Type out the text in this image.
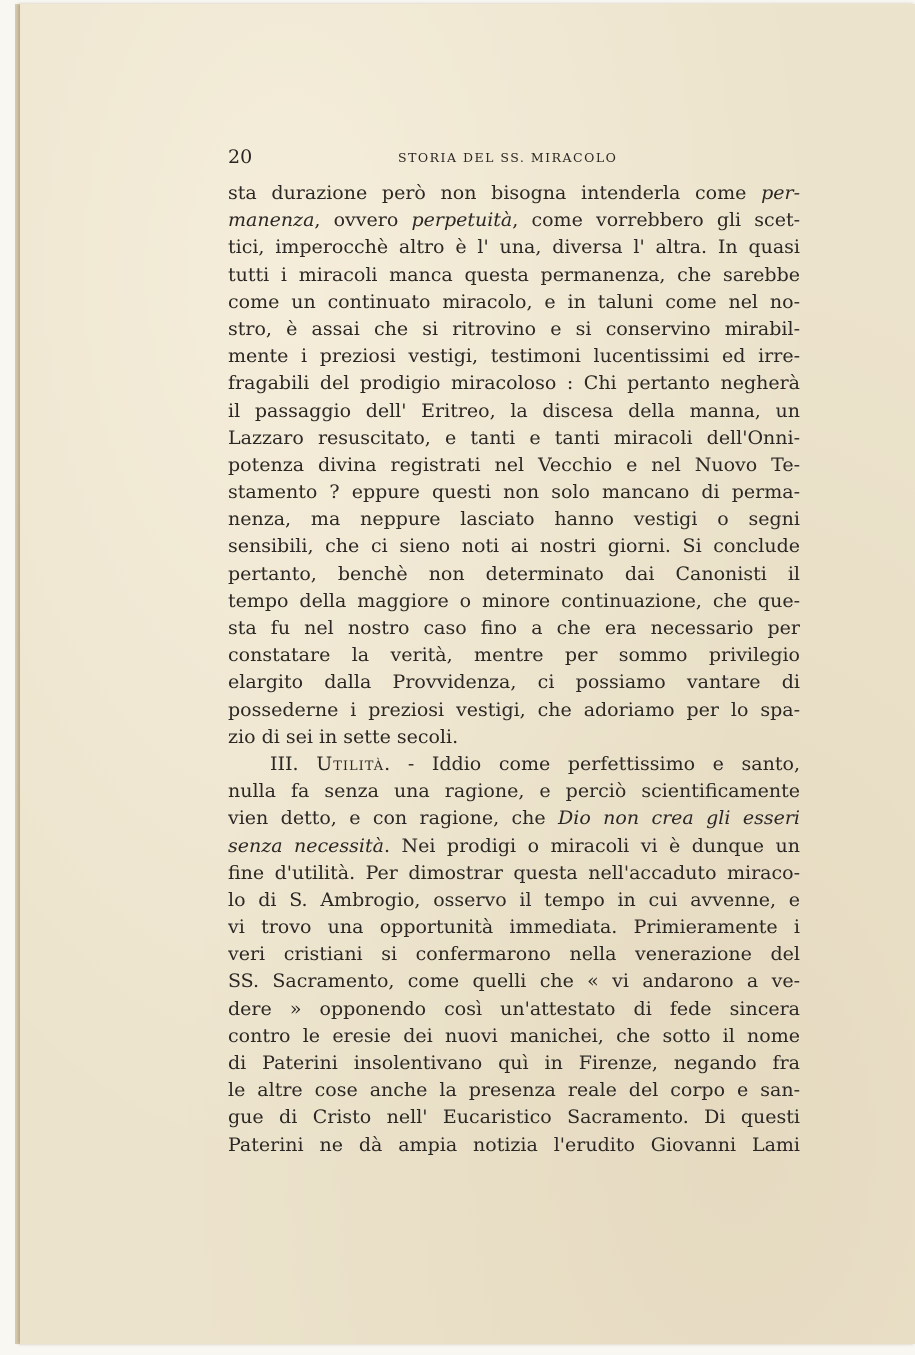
20	STORIA DEL SS. MIRACOLO
sta durazione però non bisogna intenderla come per-
manenza, ovvero perpetuità, come vorrebbero gli scet-
tici, imperocchè altro è l' una, diversa l' altra. In quasi
tutti i miracoli manca questa permanenza, che sarebbe
come un continuato miracolo, e in taluni come nel no-
stro, è assai che si ritrovino e si conservino mirabil-
mente i preziosi vestigi, testimoni lucentissimi ed irre-
fragabili del prodigio miracoloso : Chi pertanto negherà
il passaggio dell' Eritreo, la discesa della manna, un
Lazzaro resuscitato, e tanti e tanti miracoli dell'Onni-
potenza divina registrati nel Vecchio e nel Nuovo Te-
stamento ? eppure questi non solo mancano di perma-
nenza, ma neppure lasciato hanno vestigi o segni
sensibili, che ci sieno noti ai nostri giorni. Si conclude
pertanto, benchè non determinato dai Canonisti il
tempo della maggiore o minore continuazione, che que-
sta fu nel nostro caso fino a che era necessario per
constatare la verità, mentre per sommo privilegio
elargito dalla Provvidenza, ci possiamo vantare di
possederne i preziosi vestigi, che adoriamo per lo spa-
zio di sei in sette secoli.
III. Utilità. - Iddio come perfettissimo e santo,
nulla fa senza una ragione, e perciò scientificamente
vien detto, e con ragione, che Dio non crea gli esseri
senza necessità. Nei prodigi o miracoli vi è dunque un
fine d'utilità. Per dimostrar questa nell'accaduto miraco-
lo di S. Ambrogio, osservo il tempo in cui avvenne, e
vi trovo una opportunità immediata. Primieramente i
veri cristiani si confermarono nella venerazione del
SS. Sacramento, come quelli che « vi andarono a ve-
dere » opponendo così un'attestato di fede sincera
contro le eresie dei nuovi manichei, che sotto il nome
di Paterini insolentivano quì in Firenze, negando fra
le altre cose anche la presenza reale del corpo e san-
gue di Cristo nell' Eucaristico Sacramento. Di questi
Paterini ne dà ampia notizia l'erudito Giovanni Lami
